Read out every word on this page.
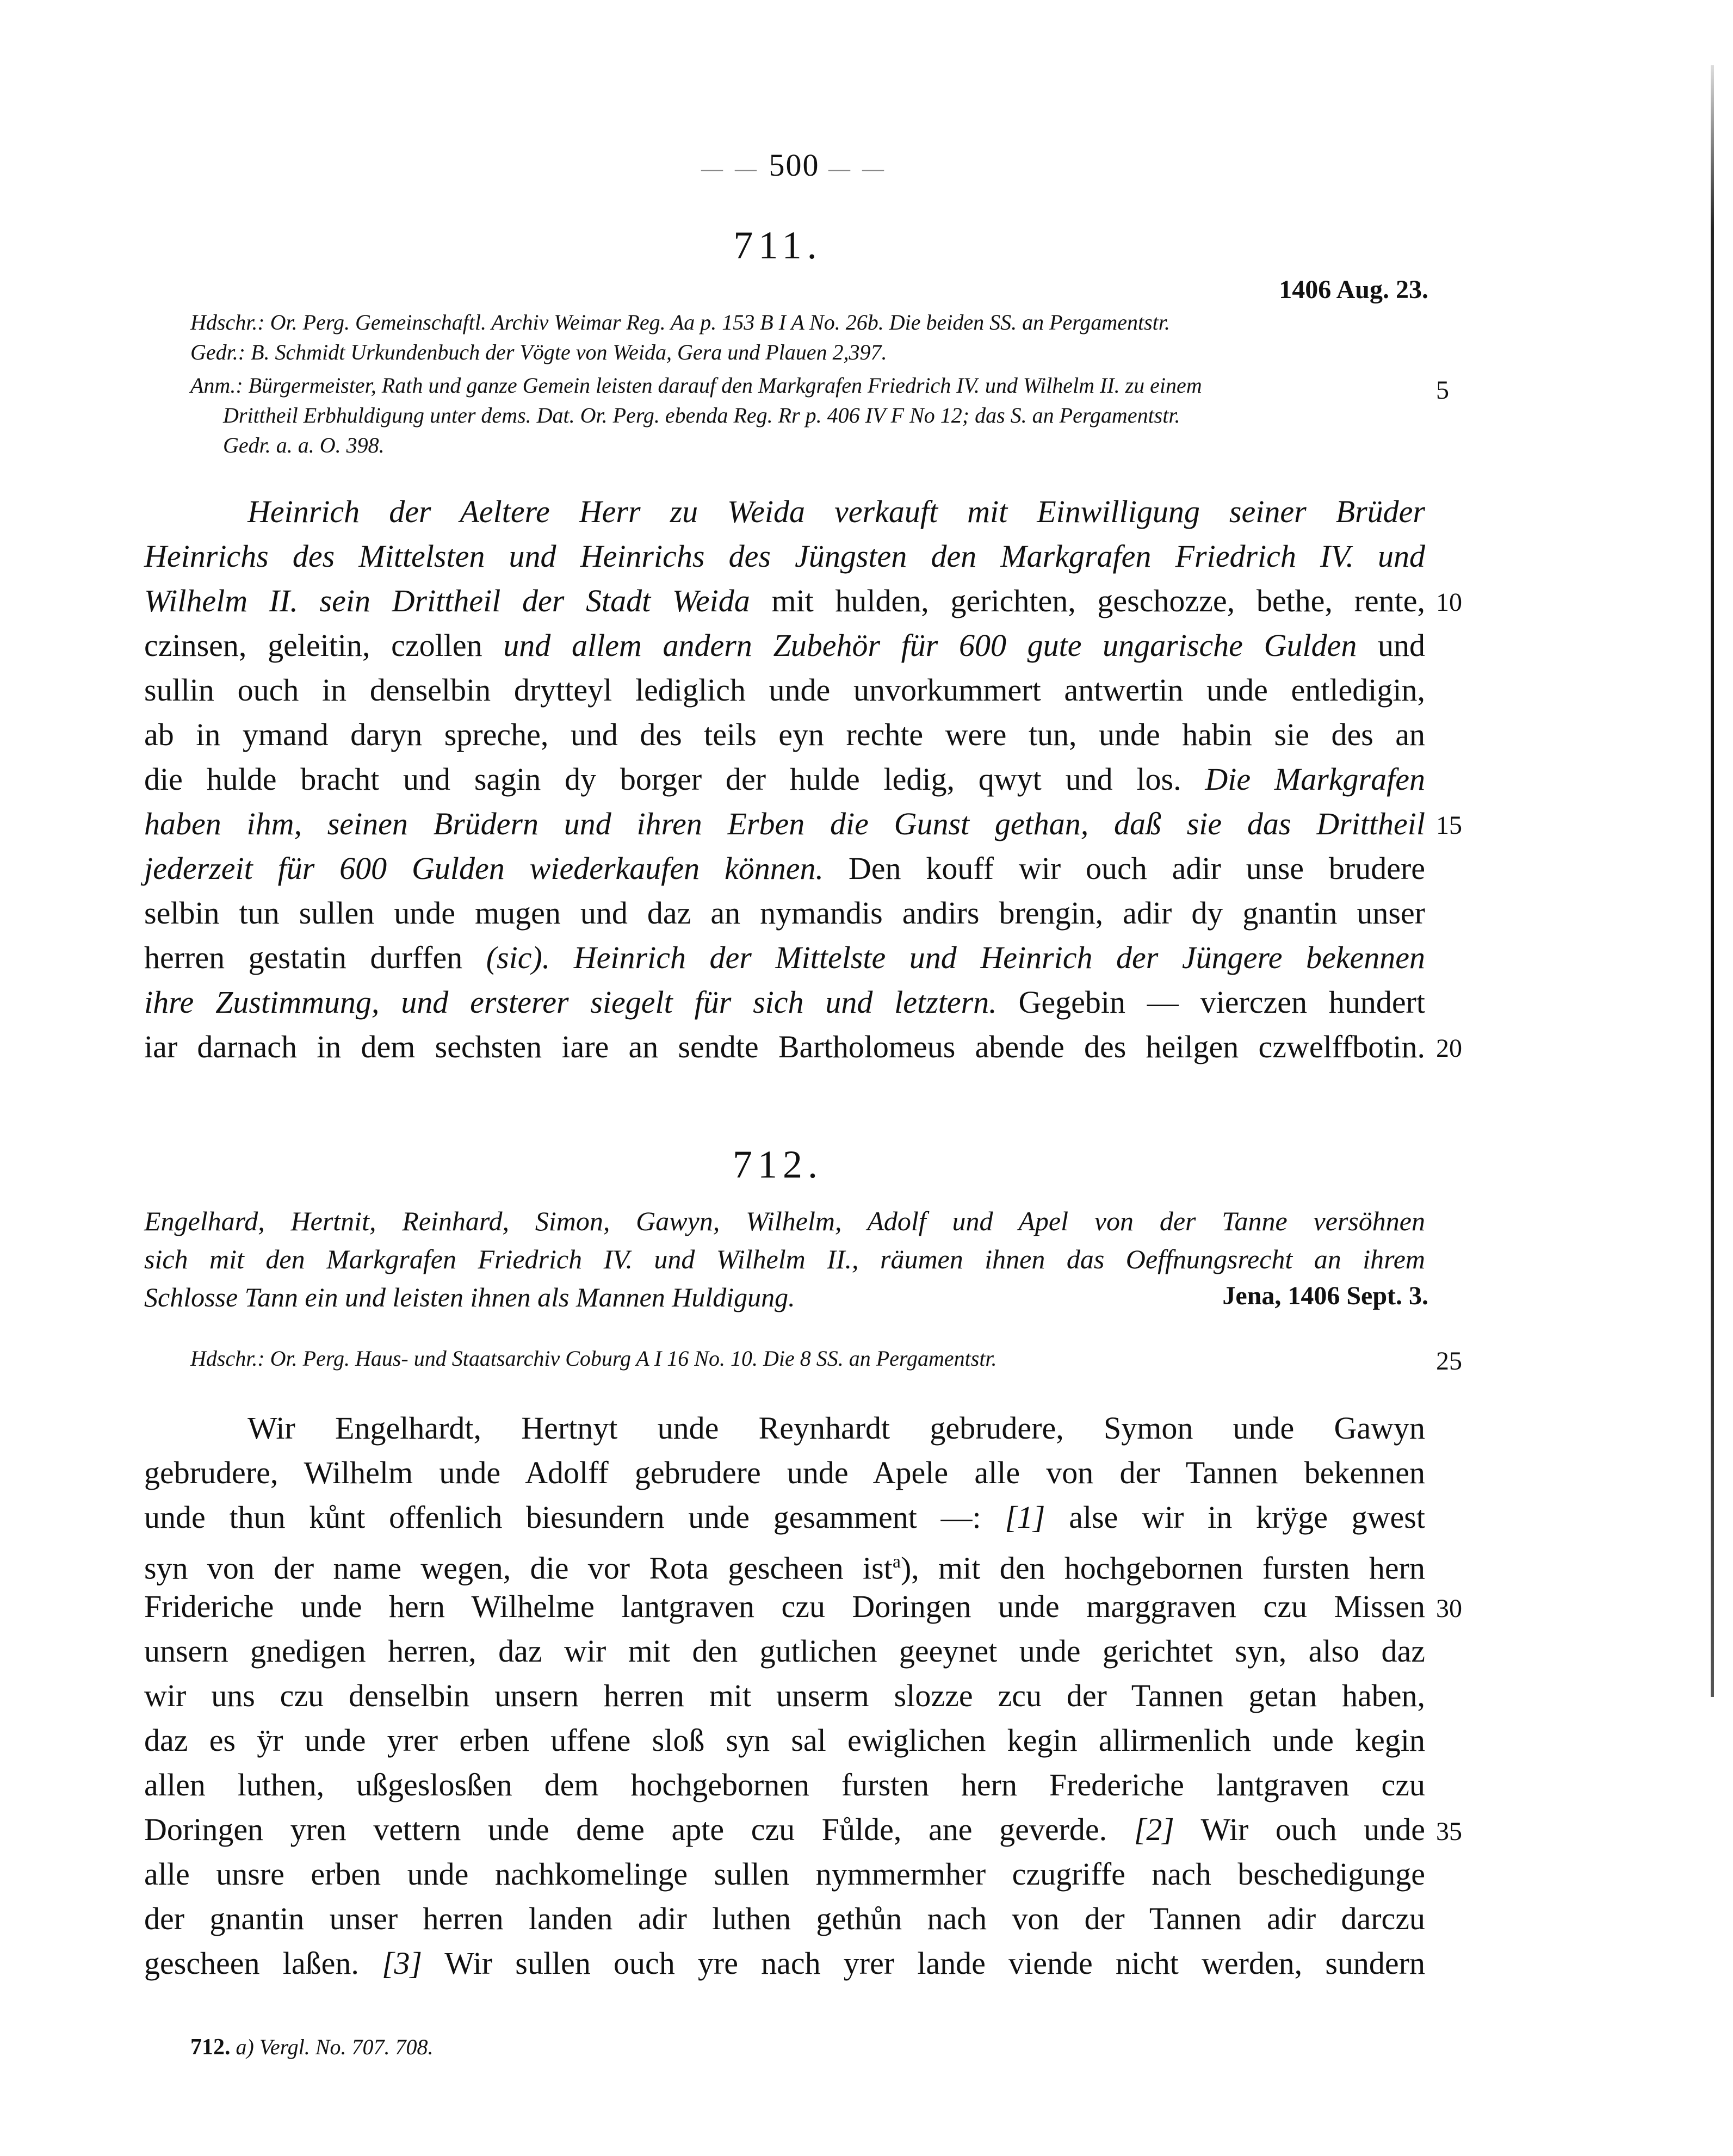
— — 500 — —
711.
1406 Aug. 23.
Hdschr.: Or. Perg. Gemeinschaftl. Archiv Weimar Reg. Aa p. 153 B I A No. 26b. Die beiden SS. an Pergamentstr.
Gedr.: B. Schmidt Urkundenbuch der Vögte von Weida, Gera und Plauen 2,397.
Anm.: Bürgermeister, Rath und ganze Gemein leisten darauf den Markgrafen Friedrich IV. und Wilhelm II. zu einem
Drittheil Erbhuldigung unter dems. Dat. Or. Perg. ebenda Reg. Rr p. 406 IV F No 12; das S. an Pergamentstr.
Gedr. a. a. O. 398.
5
Heinrich der Aeltere Herr zu Weida verkauft mit Einwilligung seiner Brüder
Heinrichs des Mittelsten und Heinrichs des Jüngsten den Markgrafen Friedrich IV. und
Wilhelm II. sein Drittheil der Stadt Weida mit hulden, gerichten, geschozze, bethe, rente, 10
czinsen, geleitin, czollen und allem andern Zubehör für 600 gute ungarische Gulden und
sullin ouch in denselbin drytteyl lediglich unde unvorkummert antwertin unde entledigin,
ab in ymand daryn spreche, und des teils eyn rechte were tun, unde habin sie des an
die hulde bracht und sagin dy borger der hulde ledig, qwyt und los. Die Markgrafen
haben ihm, seinen Brüdern und ihren Erben die Gunst gethan, daß sie das Drittheil 15
jederzeit für 600 Gulden wiederkaufen können. Den kouff wir ouch adir unse brudere
selbin tun sullen unde mugen und daz an nymandis andirs brengin, adir dy gnantin unser
herren gestatin durffen (sic). Heinrich der Mittelste und Heinrich der Jüngere bekennen
ihre Zustimmung, und ersterer siegelt für sich und letztern. Gegebin — vierczen hundert
iar darnach in dem sechsten iare an sendte Bartholomeus abende des heilgen czwelffbotin. 20
712.
Engelhard, Hertnit, Reinhard, Simon, Gawyn, Wilhelm, Adolf und Apel von der Tanne versöhnen
sich mit den Markgrafen Friedrich IV. und Wilhelm II., räumen ihnen das Oeffnungsrecht an ihrem
Schlosse Tann ein und leisten ihnen als Mannen Huldigung.	Jena, 1406 Sept. 3.
Hdschr.: Or. Perg. Haus- und Staatsarchiv Coburg A I 16 No. 10. Die 8 SS. an Pergamentstr.	25
Wir Engelhardt, Hertnyt unde Reynhardt gebrudere, Symon unde Gawyn
gebrudere, Wilhelm unde Adolff gebrudere unde Apele alle von der Tannen bekennen
unde thun kůnt offenlich biesundern unde gesamment —: [1] alse wir in krÿge gwest
syn von der name wegen, die vor Rota gescheen ist$^a$), mit den hochgebornen fursten hern
Frideriche unde hern Wilhelme lantgraven czu Doringen unde marggraven czu Missen 30
unsern gnedigen herren, daz wir mit den gutlichen geeynet unde gerichtet syn, also daz
wir uns czu denselbin unsern herren mit unserm slozze zcu der Tannen getan haben,
daz es ÿr unde yrer erben uffene sloß syn sal ewiglichen kegin allirmenlich unde kegin
allen luthen, ußgeslosßen dem hochgebornen fursten hern Frederiche lantgraven czu
Doringen yren vettern unde deme apte czu Fůlde, ane geverde. [2] Wir ouch unde 35
alle unsre erben unde nachkomelinge sullen nymmermher czugriffe nach beschedigunge
der gnantin unser herren landen adir luthen gethůn nach von der Tannen adir darczu
gescheen laßen. [3] Wir sullen ouch yre nach yrer lande viende nicht werden, sundern
712. a) Vergl. No. 707. 708.
